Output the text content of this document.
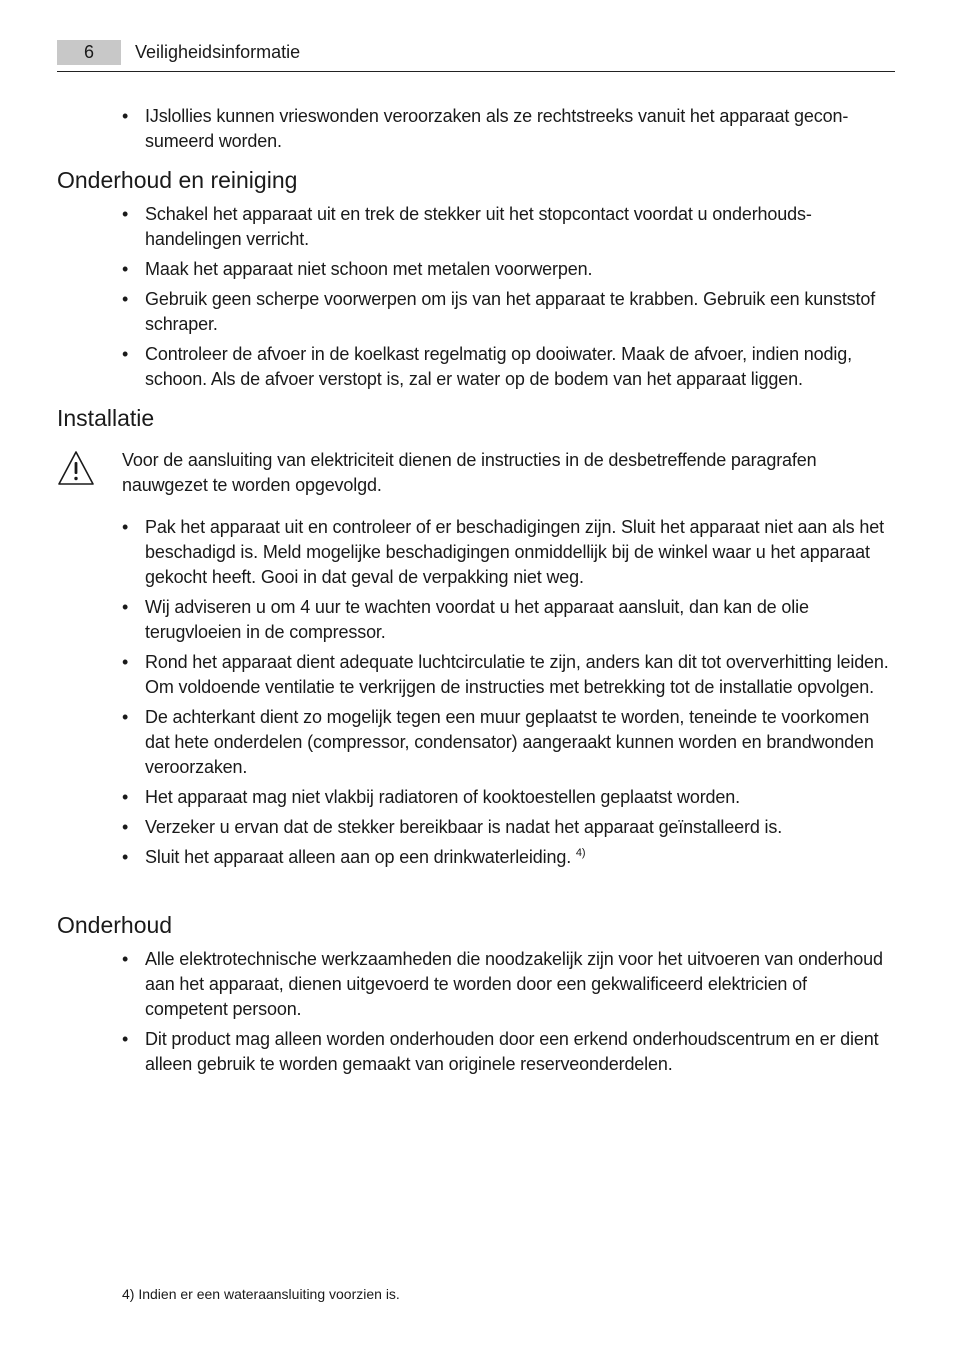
6	Veiligheidsinformatie
• IJslollies kunnen vrieswonden veroorzaken als ze rechtstreeks vanuit het apparaat geconsumeerd worden.
Onderhoud en reiniging
• Schakel het apparaat uit en trek de stekker uit het stopcontact voordat u onderhoudshandelingen verricht.
• Maak het apparaat niet schoon met metalen voorwerpen.
• Gebruik geen scherpe voorwerpen om ijs van het apparaat te krabben. Gebruik een kunststof schraper.
• Controleer de afvoer in de koelkast regelmatig op dooiwater. Maak de afvoer, indien nodig, schoon. Als de afvoer verstopt is, zal er water op de bodem van het apparaat liggen.
Installatie
Voor de aansluiting van elektriciteit dienen de instructies in de desbetreffende paragrafen nauwgezet te worden opgevolgd.
• Pak het apparaat uit en controleer of er beschadigingen zijn. Sluit het apparaat niet aan als het beschadigd is. Meld mogelijke beschadigingen onmiddellijk bij de winkel waar u het apparaat gekocht heeft. Gooi in dat geval de verpakking niet weg.
• Wij adviseren u om 4 uur te wachten voordat u het apparaat aansluit, dan kan de olie terugvloeien in de compressor.
• Rond het apparaat dient adequate luchtcirculatie te zijn, anders kan dit tot oververhitting leiden. Om voldoende ventilatie te verkrijgen de instructies met betrekking tot de installatie opvolgen.
• De achterkant dient zo mogelijk tegen een muur geplaatst te worden, teneinde te voorkomen dat hete onderdelen (compressor, condensator) aangeraakt kunnen worden en brandwonden veroorzaken.
• Het apparaat mag niet vlakbij radiatoren of kooktoestellen geplaatst worden.
• Verzeker u ervan dat de stekker bereikbaar is nadat het apparaat geïnstalleerd is.
• Sluit het apparaat alleen aan op een drinkwaterleiding. $^{4)}$
Onderhoud
• Alle elektrotechnische werkzaamheden die noodzakelijk zijn voor het uitvoeren van onderhoud aan het apparaat, dienen uitgevoerd te worden door een gekwalificeerd elektricien of competent persoon.
• Dit product mag alleen worden onderhouden door een erkend onderhoudscentrum en er dient alleen gebruik te worden gemaakt van originele reserveonderdelen.
4) Indien er een wateraansluiting voorzien is.
